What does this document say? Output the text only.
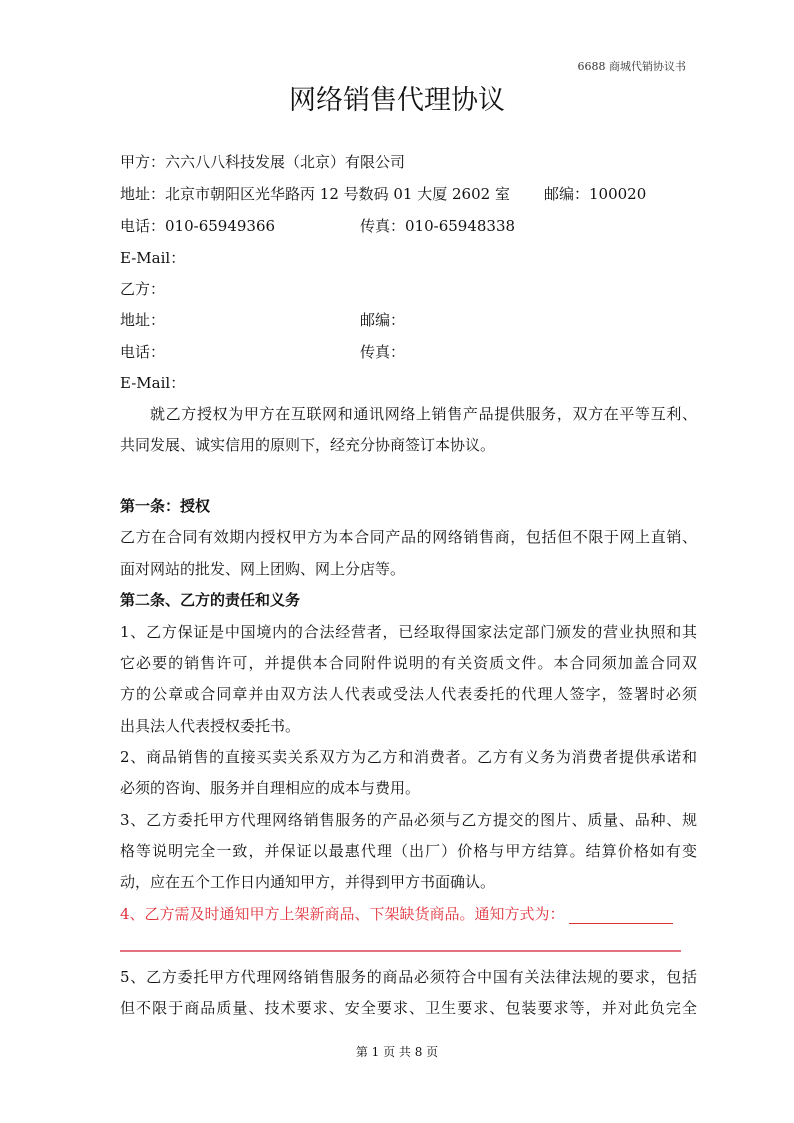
6688 商城代销协议书
网络销售代理协议
甲方：六六八八科技发展（北京）有限公司
地址：北京市朝阳区光华路丙 12 号数码 01 大厦 2602 室 邮编：100020
电话：010-65949366	传真：010-65948338
E-Mail：
乙方：
地址：	邮编：
电话：	传真：
E-Mail：
就乙方授权为甲方在互联网和通讯网络上销售产品提供服务，双方在平等互利、
共同发展、诚实信用的原则下，经充分协商签订本协议。
第一条：授权
乙方在合同有效期内授权甲方为本合同产品的网络销售商，包括但不限于网上直销、
面对网站的批发、网上团购、网上分店等。
第二条、乙方的责任和义务
1、乙方保证是中国境内的合法经营者，已经取得国家法定部门颁发的营业执照和其
它必要的销售许可，并提供本合同附件说明的有关资质文件。本合同须加盖合同双
方的公章或合同章并由双方法人代表或受法人代表委托的代理人签字，签署时必须
出具法人代表授权委托书。
2、商品销售的直接买卖关系双方为乙方和消费者。乙方有义务为消费者提供承诺和
必须的咨询、服务并自理相应的成本与费用。
3、乙方委托甲方代理网络销售服务的产品必须与乙方提交的图片、质量、品种、规
格等说明完全一致，并保证以最惠代理（出厂）价格与甲方结算。结算价格如有变
动，应在五个工作日内通知甲方，并得到甲方书面确认。
4、乙方需及时通知甲方上架新商品、下架缺货商品。通知方式为：
5、乙方委托甲方代理网络销售服务的商品必须符合中国有关法律法规的要求，包括
但不限于商品质量、技术要求、安全要求、卫生要求、包装要求等，并对此负完全
第 1 页 共 8 页
